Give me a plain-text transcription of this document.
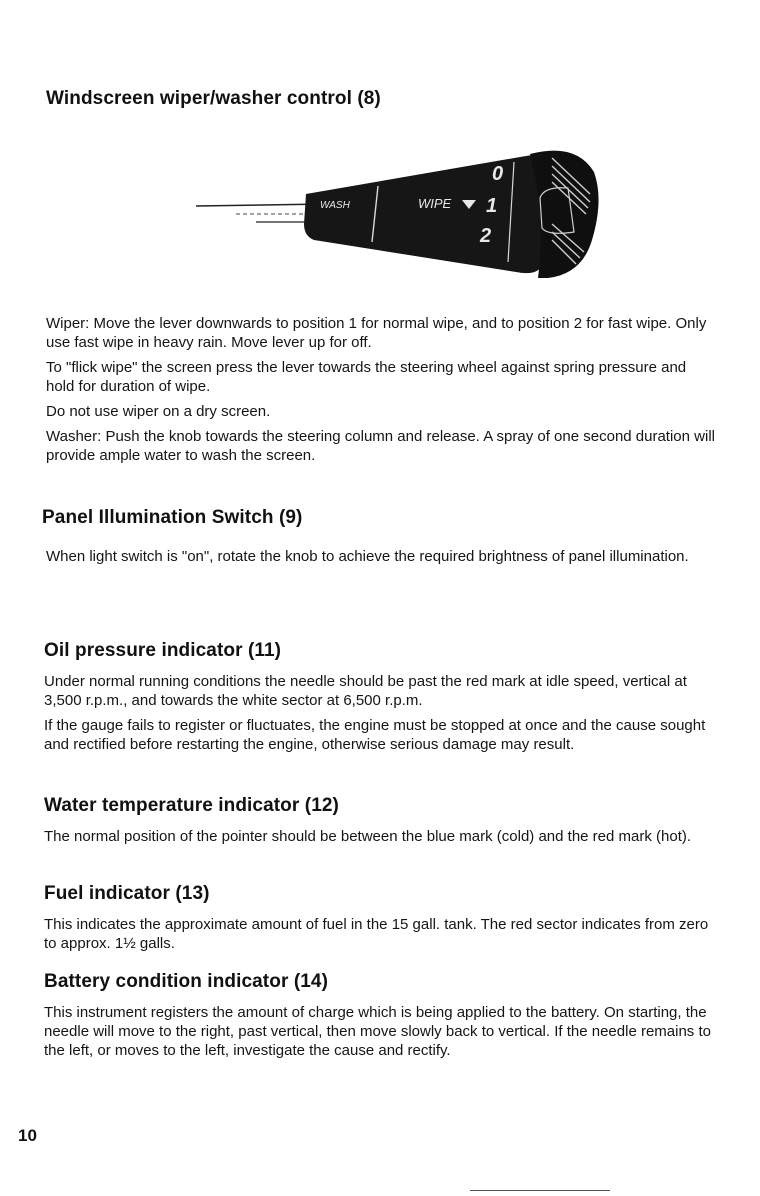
Windscreen wiper/washer control (8)
WASH	WIPE
0
1
2

Wiper: Move the lever downwards to position 1 for normal wipe, and to position 2 for fast wipe. Only use fast wipe in heavy rain. Move lever up for off.

To "flick wipe" the screen press the lever towards the steering wheel against spring pressure and hold for duration of wipe.

Do not use wiper on a dry screen.

Washer: Push the knob towards the steering column and release. A spray of one second duration will provide ample water to wash the screen.

Panel Illumination Switch (9)

When light switch is "on", rotate the knob to achieve the required brightness of panel illumination.

Oil pressure indicator (11)

Under normal running conditions the needle should be past the red mark at idle speed, vertical at 3,500 r.p.m., and towards the white sector at 6,500 r.p.m.

If the gauge fails to register or fluctuates, the engine must be stopped at once and the cause sought and rectified before restarting the engine, otherwise serious damage may result.

Water temperature indicator (12)

The normal position of the pointer should be between the blue mark (cold) and the red mark (hot).

Fuel indicator (13)

This indicates the approximate amount of fuel in the 15 gall. tank. The red sector indicates from zero to approx. 1½ galls.

Battery condition indicator (14)

This instrument registers the amount of charge which is being applied to the battery. On starting, the needle will move to the right, past vertical, then move slowly back to vertical. If the needle remains to the left, or moves to the left, investigate the cause and rectify.

10
